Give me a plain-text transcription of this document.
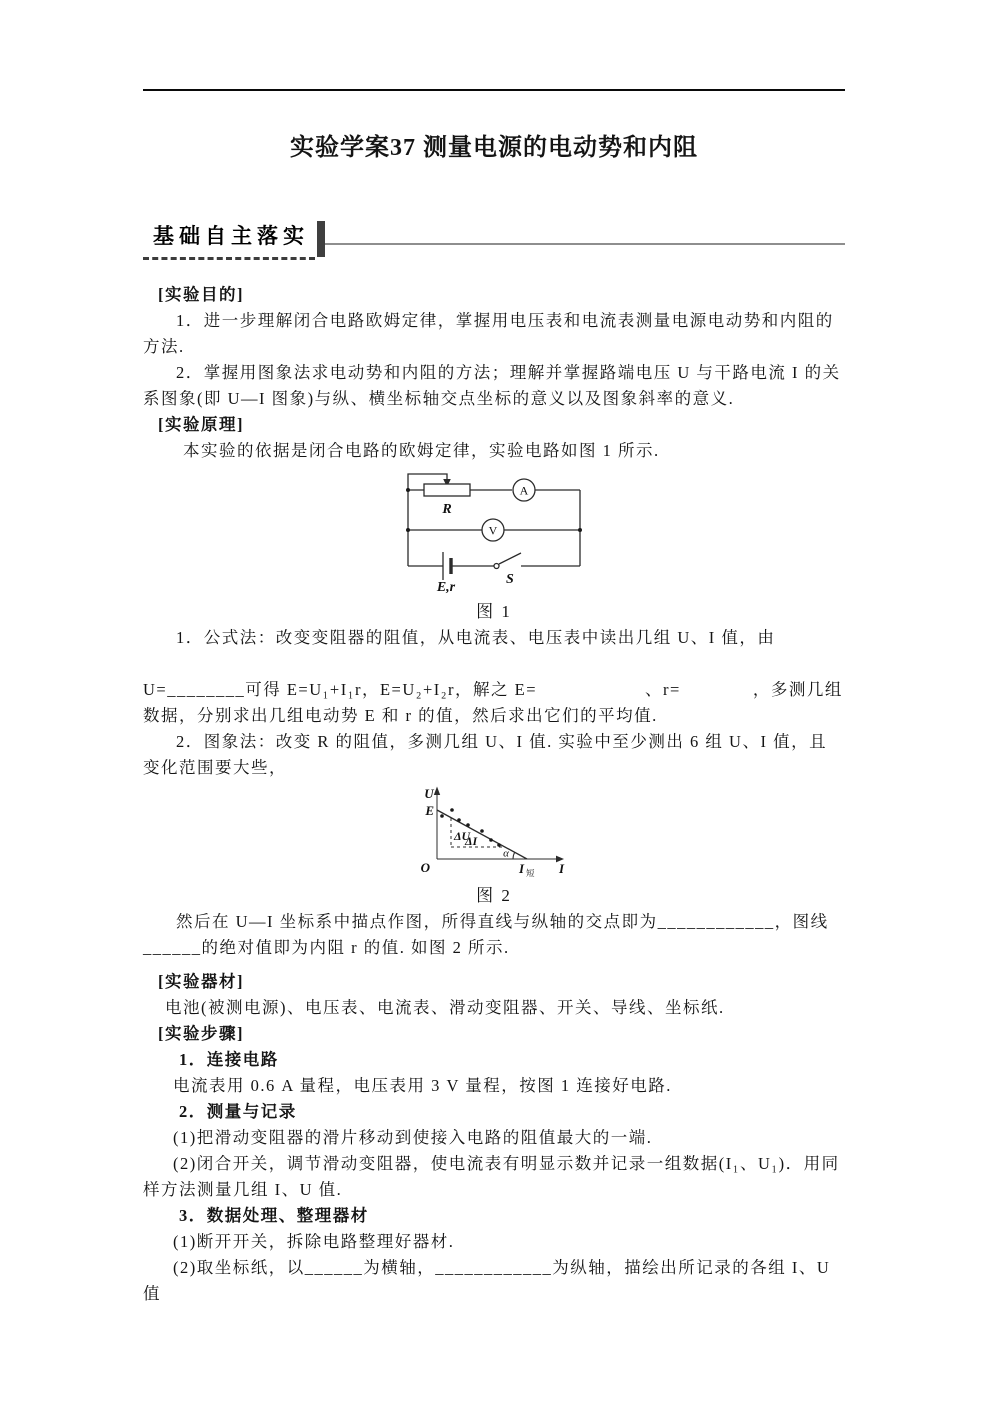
实验学案37 测量电源的电动势和内阻
基础自主落实

[实验目的]

1．进一步理解闭合电路欧姆定律，掌握用电压表和电流表测量电源电动势和内阻的方法.

2．掌握用图象法求电动势和内阻的方法；理解并掌握路端电压 U 与干路电流 I 的关系图象(即 U—I 图象)与纵、横坐标轴交点坐标的意义以及图象斜率的意义.

[实验原理]

本实验的依据是闭合电路的欧姆定律，实验电路如图 1 所示.

A
V
R
E,r
S
图 1

1．公式法：改变变阻器的阻值，从电流表、电压表中读出几组 U、I 值，由

U=________可得 E=U₁+I₁r，E=U₂+I₂r，解之 E=　　　　　　、r=　　　　，多测几组

数据，分别求出几组电动势 E 和 r 的值，然后求出它们的平均值.

2．图象法：改变 R 的阻值，多测几组 U、I 值. 实验中至少测出 6 组 U、I 值，且变化范围要大些，

U
E
O
ΔU
ΔI
α
I 短 I
图 2

然后在 U—I 坐标系中描点作图，所得直线与纵轴的交点即为____________，图线______的绝对值即为内阻 r 的值. 如图 2 所示.

[实验器材]

电池(被测电源)、电压表、电流表、滑动变阻器、开关、导线、坐标纸.

[实验步骤]

1．连接电路

电流表用 0.6 A 量程，电压表用 3 V 量程，按图 1 连接好电路.

2．测量与记录

(1)把滑动变阻器的滑片移动到使接入电路的阻值最大的一端.

(2)闭合开关，调节滑动变阻器，使电流表有明显示数并记录一组数据(I₁、U₁)．用同样方法测量几组 I、U 值.

3．数据处理、整理器材

(1)断开开关，拆除电路整理好器材.

(2)取坐标纸，以______为横轴，____________为纵轴，描绘出所记录的各组 I、U 值
